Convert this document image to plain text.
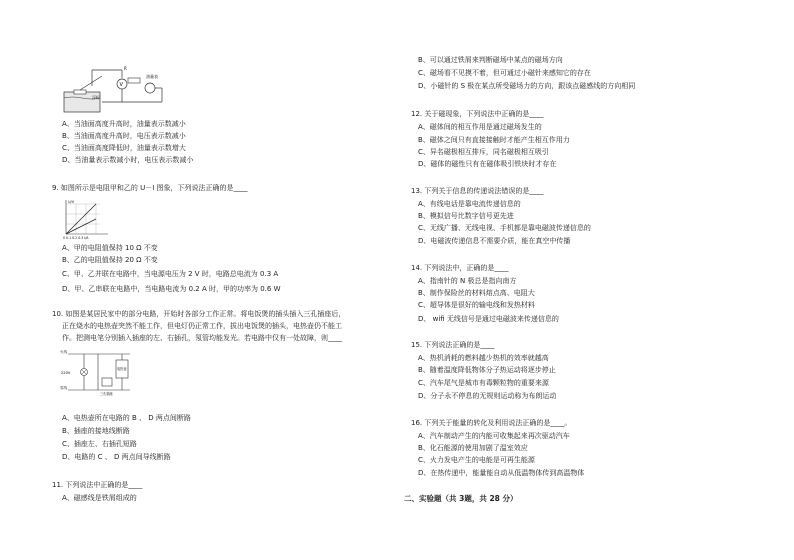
浮标
油量表
V
R
A、当油面高度升高时，油量表示数减小
B、当油面高度升高时，电压表示数减小
C、当油面高度降低时，油量表示数增大
D、当油量表示数减小时，电压表示数减小
9. 如图所示是电阻甲和乙的 U－I 图象，下列说法正确的是____
U/V
0 0.1 0.2 0.3 I/A
A、甲的电阻值保持 10 Ω 不变
B、乙的电阻值保持 20 Ω 不变
C、甲、乙并联在电路中，当电源电压为 2 V 时，电路总电流为 0.3 A
D、甲、乙串联在电路中，当电路电流为 0.2 A 时，甲的功率为 0.6 W
10. 如图是某居民家中的部分电路，开始时各部分工作正常。将电饭煲的插头插入三孔插座后，
正在烧水的电热壶突然不能工作，但电灯仍正常工作，拔出电饭煲的插头，电热壶仍不能工
作。把测电笔分别插入插座的左、右插孔，氖管均能发光。若电路中仅有一处故障，则____
火线
零线
220V
电热壶
三孔插座
A、电热壶所在电路的 B 、 D 两点间断路
B、插座的接地线断路
C、插座左、右插孔短路
D、电路的 C 、 D 两点间导线断路
11. 下列说法中正确的是____
A、磁感线是铁屑组成的
B、可以通过铁屑来判断磁场中某点的磁场方向
C、磁场看不见摸不着，但可通过小磁针来感知它的存在
D、小磁针的 S 极在某点所受磁场力的方向，跟该点磁感线的方向相同
12. 关于磁现象，下列说法中正确的是____
A、磁体间的相互作用是通过磁场发生的
B、磁体之间只有直接接触时才能产生相互作用力
C、异名磁极相互排斥，同名磁极相互吸引
D、磁体的磁性只有在磁体吸引铁块时才存在
13. 下列关于信息的传递说法错误的是____
A、有线电话是靠电流传递信息的
B、模拟信号比数字信号更先进
C、无线广播、无线电视、手机都是靠电磁波传递信息的
D、电磁波传递信息不需要介质，能在真空中传播
14. 下列说法中，正确的是____
A、指南针的 N 极总是指向南方
B、制作保险丝的材料熔点高、电阻大
C、超导体是很好的输电线和发热材料
D、 wifi 无线信号是通过电磁波来传递信息的
15. 下列说法正确的是____
A、热机消耗的燃料越少热机的效率就越高
B、随着温度降低物体分子热运动将逐步停止
C、汽车尾气是城市有毒颗粒物的重要来源
D、分子永不停息的无规则运动称为布朗运动
16. 下列关于能量的转化及利用说法正确的是____。
A、汽车制动产生的内能可收集起来再次驱动汽车
B、化石能源的使用加剧了温室效应
C、火力发电产生的电能是可再生能源
D、在热传递中，能量能自动从低温物体传到高温物体
二、实验题（共 3题，共 28 分）
